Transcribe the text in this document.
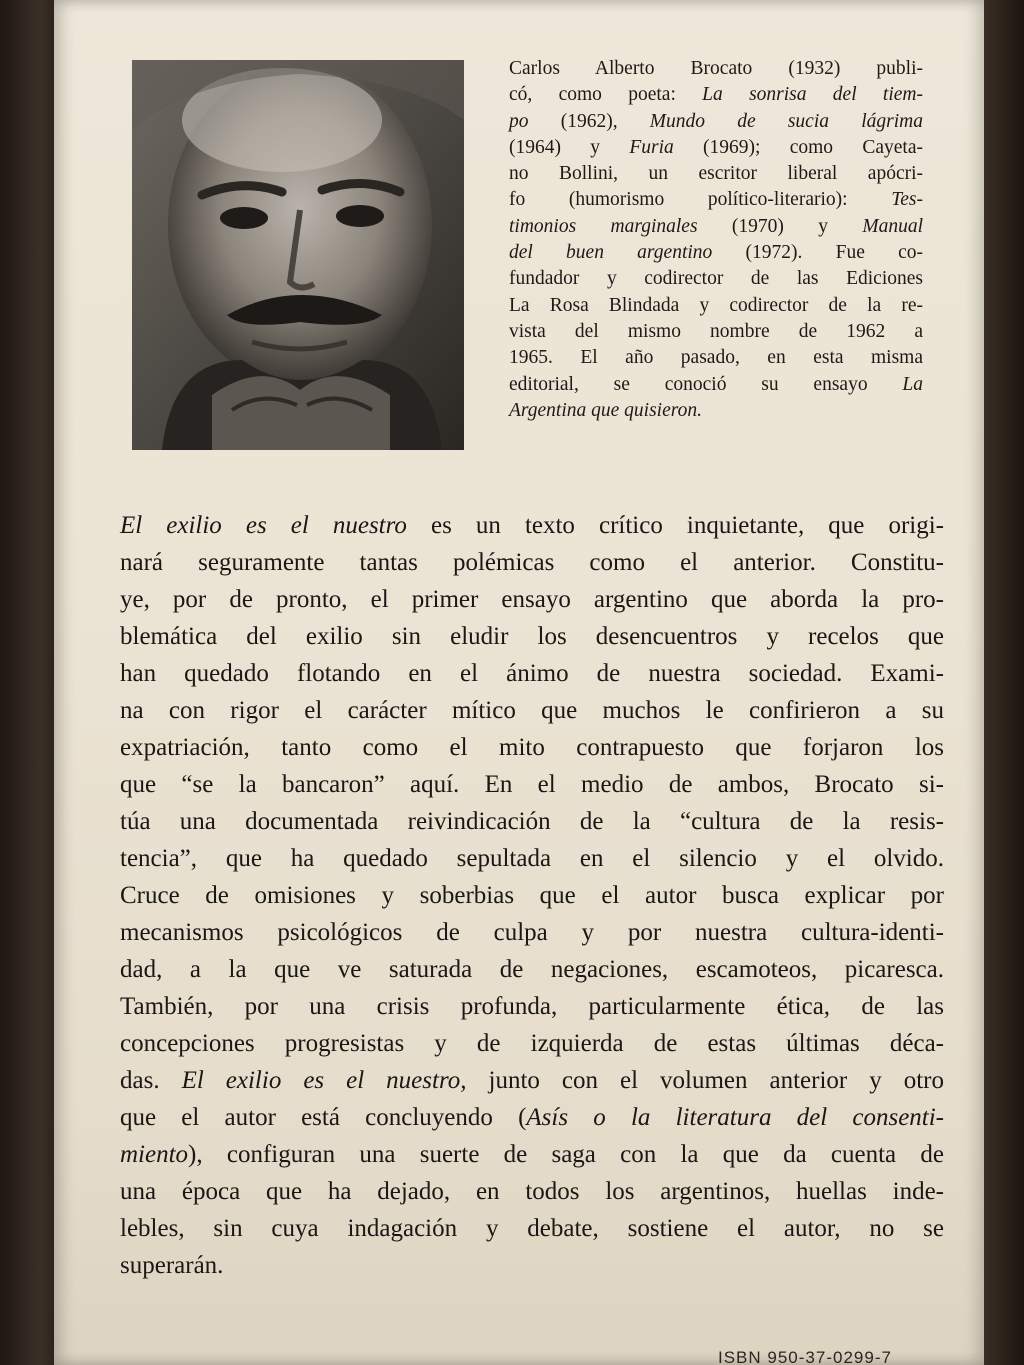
Carlos Alberto Brocato (1932) publi-
có, como poeta: La sonrisa del tiem-
po (1962), Mundo de sucia lágrima
(1964) y Furia (1969); como Cayeta-
no Bollini, un escritor liberal apócri-
fo (humorismo político-literario): Tes-
timonios marginales (1970) y Manual
del buen argentino (1972). Fue co-
fundador y codirector de las Ediciones
La Rosa Blindada y codirector de la re-
vista del mismo nombre de 1962 a
1965. El año pasado, en esta misma
editorial, se conoció su ensayo La
Argentina que quisieron.
El exilio es el nuestro es un texto crítico inquietante, que origi-
nará seguramente tantas polémicas como el anterior. Constitu-
ye, por de pronto, el primer ensayo argentino que aborda la pro-
blemática del exilio sin eludir los desencuentros y recelos que
han quedado flotando en el ánimo de nuestra sociedad. Exami-
na con rigor el carácter mítico que muchos le confirieron a su
expatriación, tanto como el mito contrapuesto que forjaron los
que “se la bancaron” aquí. En el medio de ambos, Brocato si-
túa una documentada reivindicación de la “cultura de la resis-
tencia”, que ha quedado sepultada en el silencio y el olvido.
Cruce de omisiones y soberbias que el autor busca explicar por
mecanismos psicológicos de culpa y por nuestra cultura-identi-
dad, a la que ve saturada de negaciones, escamoteos, picaresca.
También, por una crisis profunda, particularmente ética, de las
concepciones progresistas y de izquierda de estas últimas déca-
das. El exilio es el nuestro, junto con el volumen anterior y otro
que el autor está concluyendo (Asís o la literatura del consenti-
miento), configuran una suerte de saga con la que da cuenta de
una época que ha dejado, en todos los argentinos, huellas inde-
lebles, sin cuya indagación y debate, sostiene el autor, no se
superarán.
ISBN 950-37-0299-7
